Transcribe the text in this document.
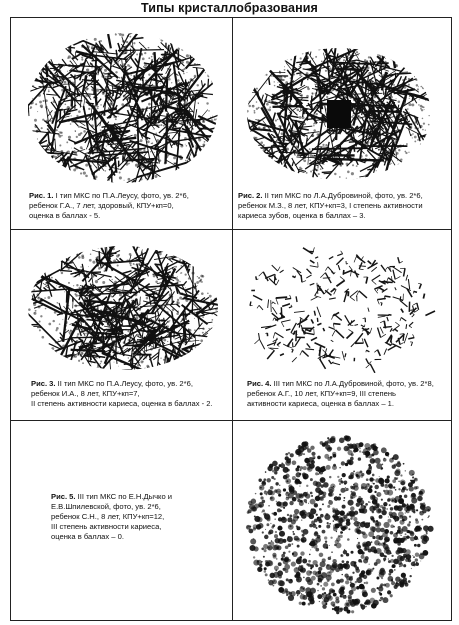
Типы кристаллобразования
Рис. 1. I тип МКС по П.А.Леусу, фото, ув. 2*6,
ребенок Г.А., 7 лет, здоровый, КПУ+кп=0,
оценка в баллах - 5.
Рис. 2. II тип МКС по Л.А.Дубровиной, фото, ув. 2*6,
ребенок М.З., 8 лет, КПУ+кп=3, I степень активности
кариеса зубов, оценка в баллах – 3.
Рис. 3. II тип МКС по П.А.Леусу, фото, ув. 2*6,
ребенок И.А., 8 лет, КПУ+кп=7,
II степень активности кариеса, оценка в баллах - 2.
Рис. 4. III тип МКС по Л.А.Дубровиной, фото, ув. 2*8,
ребенок А.Г., 10 лет, КПУ+кп=9, III степень
активности кариеса, оценка в баллах – 1.
Рис. 5. III тип МКС по Е.Н.Дычко и
Е.В.Шпилевской, фото, ув. 2*6,
ребенок С.Н., 8 лет, КПУ+кп=12,
III степень активности кариеса,
оценка в баллах – 0.
